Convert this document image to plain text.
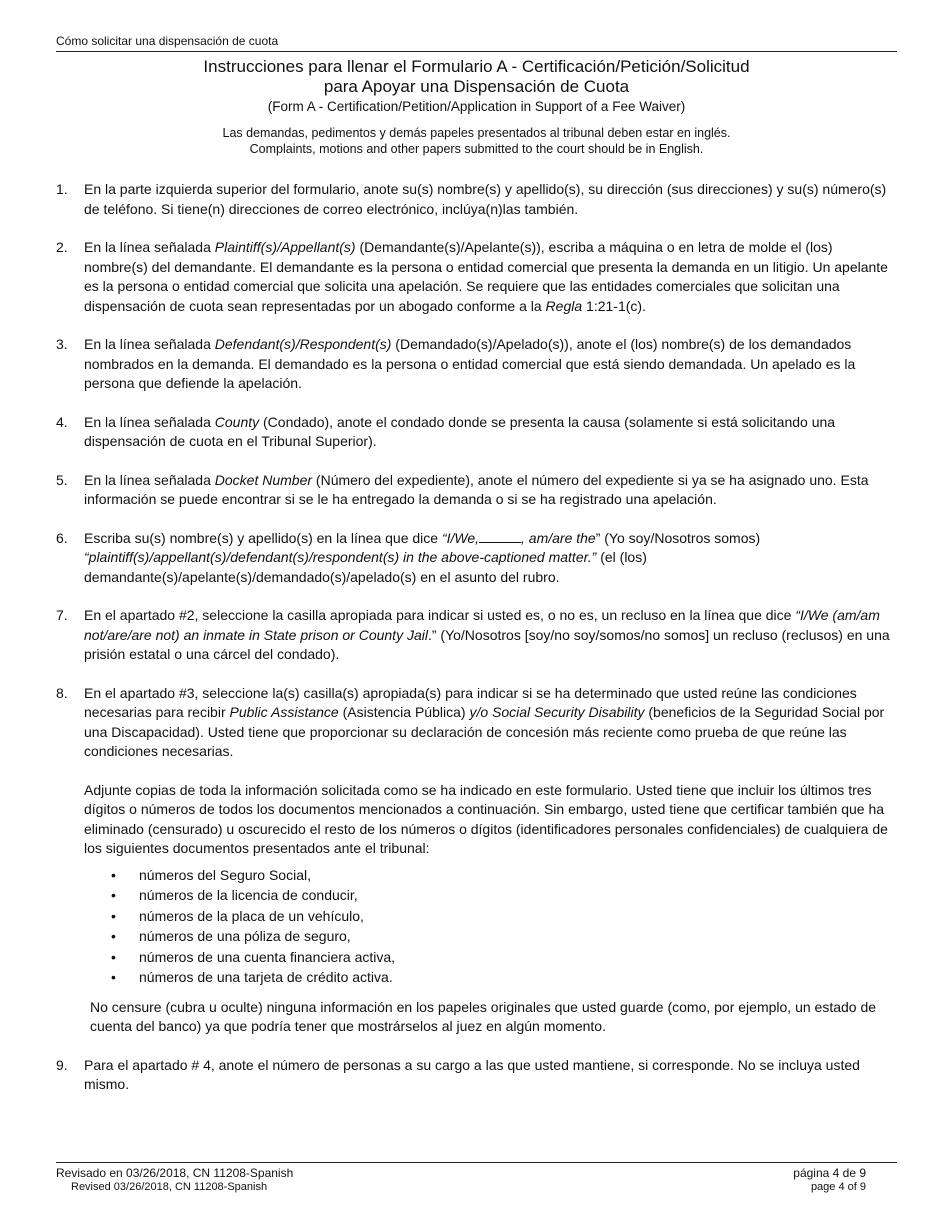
Cómo solicitar una dispensación de cuota
Instrucciones para llenar el Formulario A - Certificación/Petición/Solicitud
para Apoyar una Dispensación de Cuota
(Form A - Certification/Petition/Application in Support of a Fee Waiver)
Las demandas, pedimentos y demás papeles presentados al tribunal deben estar en inglés.
Complaints, motions and other papers submitted to the court should be in English.
1. En la parte izquierda superior del formulario, anote su(s) nombre(s) y apellido(s), su dirección (sus direcciones) y su(s) número(s) de teléfono. Si tiene(n) direcciones de correo electrónico, inclúya(n)las también.
2. En la línea señalada Plaintiff(s)/Appellant(s) (Demandante(s)/Apelante(s)), escriba a máquina o en letra de molde el (los) nombre(s) del demandante. El demandante es la persona o entidad comercial que presenta la demanda en un litigio. Un apelante es la persona o entidad comercial que solicita una apelación. Se requiere que las entidades comerciales que solicitan una dispensación de cuota sean representadas por un abogado conforme a la Regla 1:21-1(c).
3. En la línea señalada Defendant(s)/Respondent(s) (Demandado(s)/Apelado(s)), anote el (los) nombre(s) de los demandados nombrados en la demanda. El demandado es la persona o entidad comercial que está siendo demandada. Un apelado es la persona que defiende la apelación.
4. En la línea señalada County (Condado), anote el condado donde se presenta la causa (solamente si está solicitando una dispensación de cuota en el Tribunal Superior).
5. En la línea señalada Docket Number (Número del expediente), anote el número del expediente si ya se ha asignado uno. Esta información se puede encontrar si se le ha entregado la demanda o si se ha registrado una apelación.
6. Escriba su(s) nombre(s) y apellido(s) en la línea que dice “I/We,	, am/are the” (Yo soy/Nosotros somos) “plaintiff(s)/appellant(s)/defendant(s)/respondent(s) in the above-captioned matter.” (el (los) demandante(s)/apelante(s)/demandado(s)/apelado(s) en el asunto del rubro.
7. En el apartado #2, seleccione la casilla apropiada para indicar si usted es, o no es, un recluso en la línea que dice “I/We (am/am not/are/are not) an inmate in State prison or County Jail.” (Yo/Nosotros [soy/no soy/somos/no somos] un recluso (reclusos) en una prisión estatal o una cárcel del condado).
8. En el apartado #3, seleccione la(s) casilla(s) apropiada(s) para indicar si se ha determinado que usted reúne las condiciones necesarias para recibir Public Assistance (Asistencia Pública) y/o Social Security Disability (beneficios de la Seguridad Social por una Discapacidad). Usted tiene que proporcionar su declaración de concesión más reciente como prueba de que reúne las condiciones necesarias.
Adjunte copias de toda la información solicitada como se ha indicado en este formulario. Usted tiene que incluir los últimos tres dígitos o números de todos los documentos mencionados a continuación. Sin embargo, usted tiene que certificar también que ha eliminado (censurado) u oscurecido el resto de los números o dígitos (identificadores personales confidenciales) de cualquiera de los siguientes documentos presentados ante el tribunal:
• números del Seguro Social,
• números de la licencia de conducir,
• números de la placa de un vehículo,
• números de una póliza de seguro,
• números de una cuenta financiera activa,
• números de una tarjeta de crédito activa.
No censure (cubra u oculte) ninguna información en los papeles originales que usted guarde (como, por ejemplo, un estado de cuenta del banco) ya que podría tener que mostrárselos al juez en algún momento.
9. Para el apartado # 4, anote el número de personas a su cargo a las que usted mantiene, si corresponde. No se incluya usted mismo.
Revisado en 03/26/2018, CN 11208-Spanish
Revised 03/26/2018, CN 11208-Spanish
página 4 de 9
page 4 of 9
